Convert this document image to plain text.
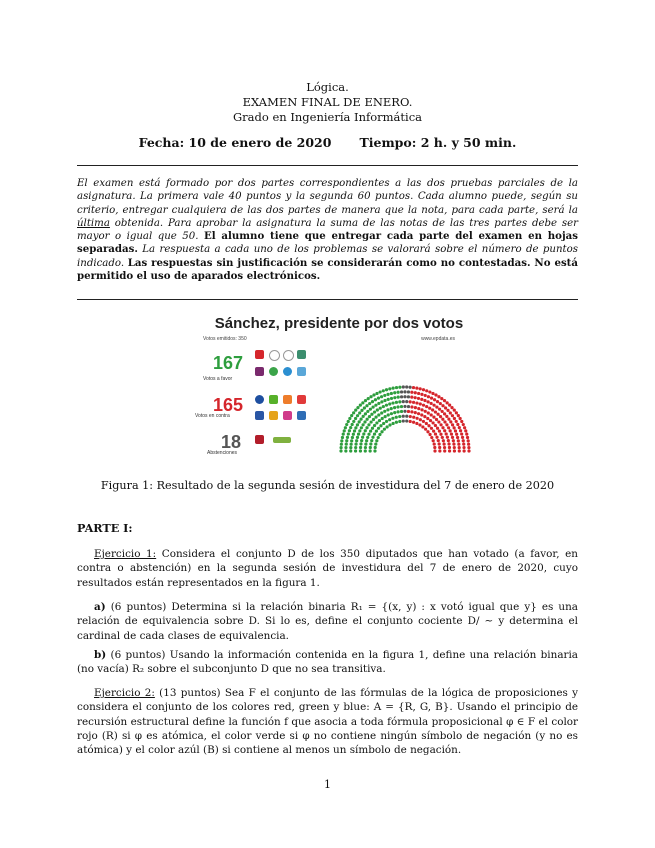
Lógica.
EXAMEN FINAL DE ENERO.
Grado en Ingeniería Informática
Fecha: 10 de enero de 2020 Tiempo: 2 h. y 50 min.
El examen está formado por dos partes correspondientes a las dos pruebas parciales de la asignatura. La primera vale 40 puntos y la segunda 60 puntos. Cada alumno puede, según su criterio, entregar cualquiera de las dos partes de manera que la nota, para cada parte, será la última obtenida. Para aprobar la asignatura la suma de las notas de las tres partes debe ser mayor o igual que 50. El alumno tiene que entregar cada parte del examen en hojas separadas. La respuesta a cada uno de los problemas se valorará sobre el número de puntos indicado. Las respuestas sin justificación se considerarán como no contestadas. No está permitido el uso de aparados electrónicos.
Sánchez, presidente por dos votos
Votos emitidos: 350	www.epdata.es
167
Votos a favor
165
Votos en contra
18
Abstenciones
Figura 1: Resultado de la segunda sesión de investidura del 7 de enero de 2020
PARTE I:
Ejercicio 1: Considera el conjunto D de los 350 diputados que han votado (a favor, en contra o abstención) en la segunda sesión de investidura del 7 de enero de 2020, cuyo resultados están representados en la figura 1.
a) (6 puntos) Determina si la relación binaria R₁ = {(x, y) : x votó igual que y} es una relación de equivalencia sobre D. Si lo es, define el conjunto cociente D/ ∼ y determina el cardinal de cada clases de equivalencia.
b) (6 puntos) Usando la información contenida en la figura 1, define una relación binaria (no vacía) R₂ sobre el subconjunto D que no sea transitiva.
Ejercicio 2: (13 puntos) Sea F el conjunto de las fórmulas de la lógica de proposiciones y considera el conjunto de los colores red, green y blue: A = {R, G, B}. Usando el principio de recursión estructural define la función f que asocia a toda fórmula proposicional φ ∈ F el color rojo (R) si φ es atómica, el color verde si φ no contiene ningún símbolo de negación (y no es atómica) y el color azúl (B) si contiene al menos un símbolo de negación.
1
